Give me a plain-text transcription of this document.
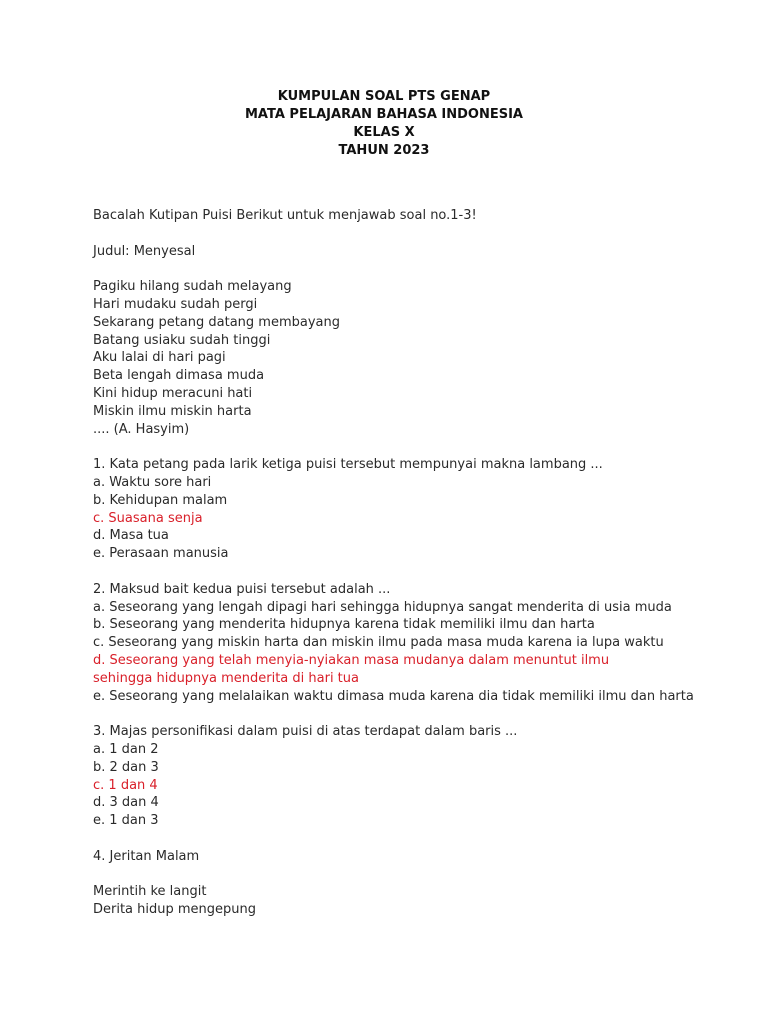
KUMPULAN SOAL PTS GENAP
MATA PELAJARAN BAHASA INDONESIA
KELAS X
TAHUN 2023
Bacalah Kutipan Puisi Berikut untuk menjawab soal no.1-3!
Judul: Menyesal
Pagiku hilang sudah melayang
Hari mudaku sudah pergi
Sekarang petang datang membayang
Batang usiaku sudah tinggi
Aku lalai di hari pagi
Beta lengah dimasa muda
Kini hidup meracuni hati
Miskin ilmu miskin harta
.... (A. Hasyim)
1. Kata petang pada larik ketiga puisi tersebut mempunyai makna lambang ...
a. Waktu sore hari
b. Kehidupan malam
c. Suasana senja
d. Masa tua
e. Perasaan manusia
2. Maksud bait kedua puisi tersebut adalah ...
a. Seseorang yang lengah dipagi hari sehingga hidupnya sangat menderita di usia muda
b. Seseorang yang menderita hidupnya karena tidak memiliki ilmu dan harta
c. Seseorang yang miskin harta dan miskin ilmu pada masa muda karena ia lupa waktu
d. Seseorang yang telah menyia-nyiakan masa mudanya dalam menuntut ilmu sehingga hidupnya menderita di hari tua
e. Seseorang yang melalaikan waktu dimasa muda karena dia tidak memiliki ilmu dan harta
3. Majas personifikasi dalam puisi di atas terdapat dalam baris ...
a. 1 dan 2
b. 2 dan 3
c. 1 dan 4
d. 3 dan 4
e. 1 dan 3
4. Jeritan Malam
Merintih ke langit
Derita hidup mengepung
